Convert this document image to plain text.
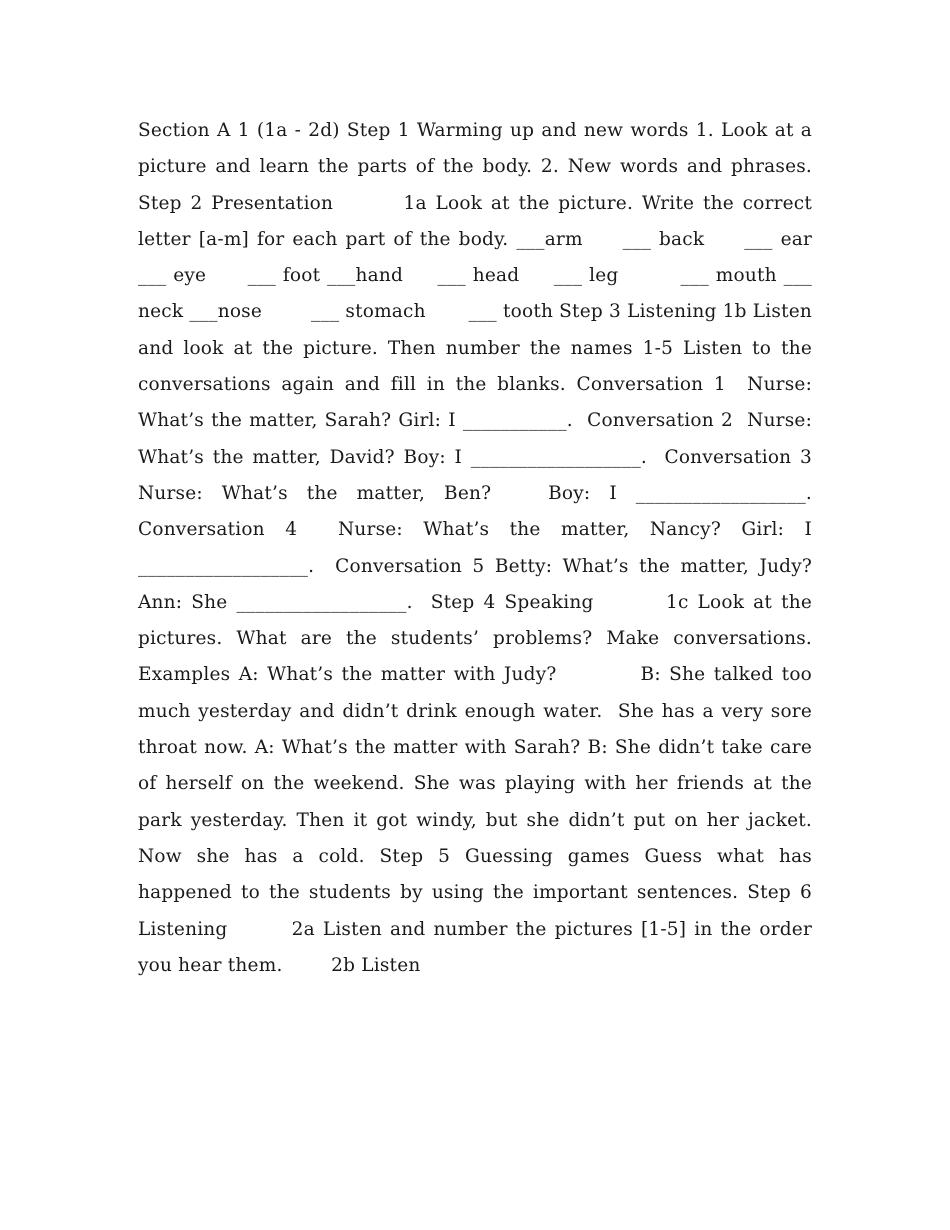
Section A 1 (1a - 2d) Step 1 Warming up and new words 1. Look at a picture and learn the parts of the body. 2. New words and phrases. Step 2 Presentation        1a Look at the picture. Write the correct letter [a-m] for each part of the body. ___arm     ___ back     ___ ear        ___ eye      ___ foot ___hand     ___ head     ___ leg         ___ mouth ___ neck ___nose        ___ stomach       ___ tooth Step 3 Listening 1b Listen and look at the picture. Then number the names 1-5 Listen to the conversations again and fill in the blanks. Conversation 1  Nurse: What’s the matter, Sarah? Girl: I ___________.  Conversation 2  Nurse: What’s the matter, David? Boy: I __________________.  Conversation 3  Nurse: What’s the matter, Ben?   Boy: I __________________. Conversation 4  Nurse: What’s the matter, Nancy? Girl: I __________________.  Conversation 5 Betty: What’s the matter, Judy? Ann: She __________________.  Step 4 Speaking        1c Look at the pictures. What are the students’ problems? Make conversations.          Examples A: What’s the matter with Judy?          B: She talked too much yesterday and didn’t drink enough water.  She has a very sore throat now. A: What’s the matter with Sarah? B: She didn’t take care of herself on the weekend. She was playing with her friends at the park yesterday. Then it got windy, but she didn’t put on her jacket. Now she has a cold. Step 5 Guessing games Guess what has happened to the students by using the important sentences. Step 6 Listening        2a Listen and number the pictures [1-5] in the order you hear them.        2b Listen
